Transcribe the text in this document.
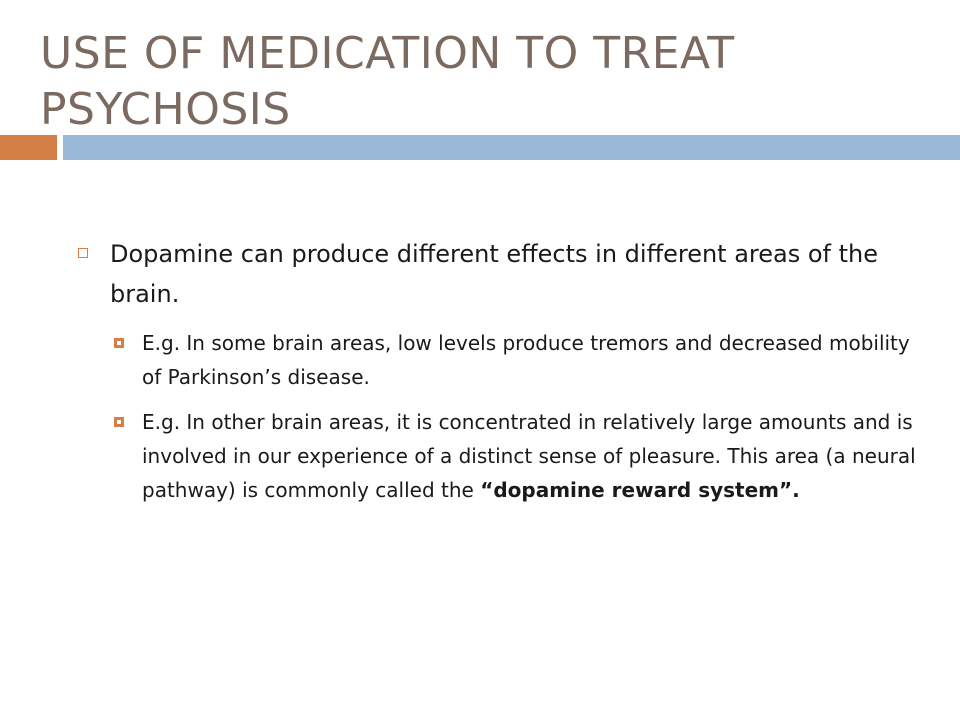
USE OF MEDICATION TO TREAT PSYCHOSIS
Dopamine can produce different effects in different areas of the brain.
E.g. In some brain areas, low levels produce tremors and decreased mobility of Parkinson’s disease.
E.g. In other brain areas, it is concentrated in relatively large amounts and is involved in our experience of a distinct sense of pleasure. This area (a neural pathway) is commonly called the “dopamine reward system”.
